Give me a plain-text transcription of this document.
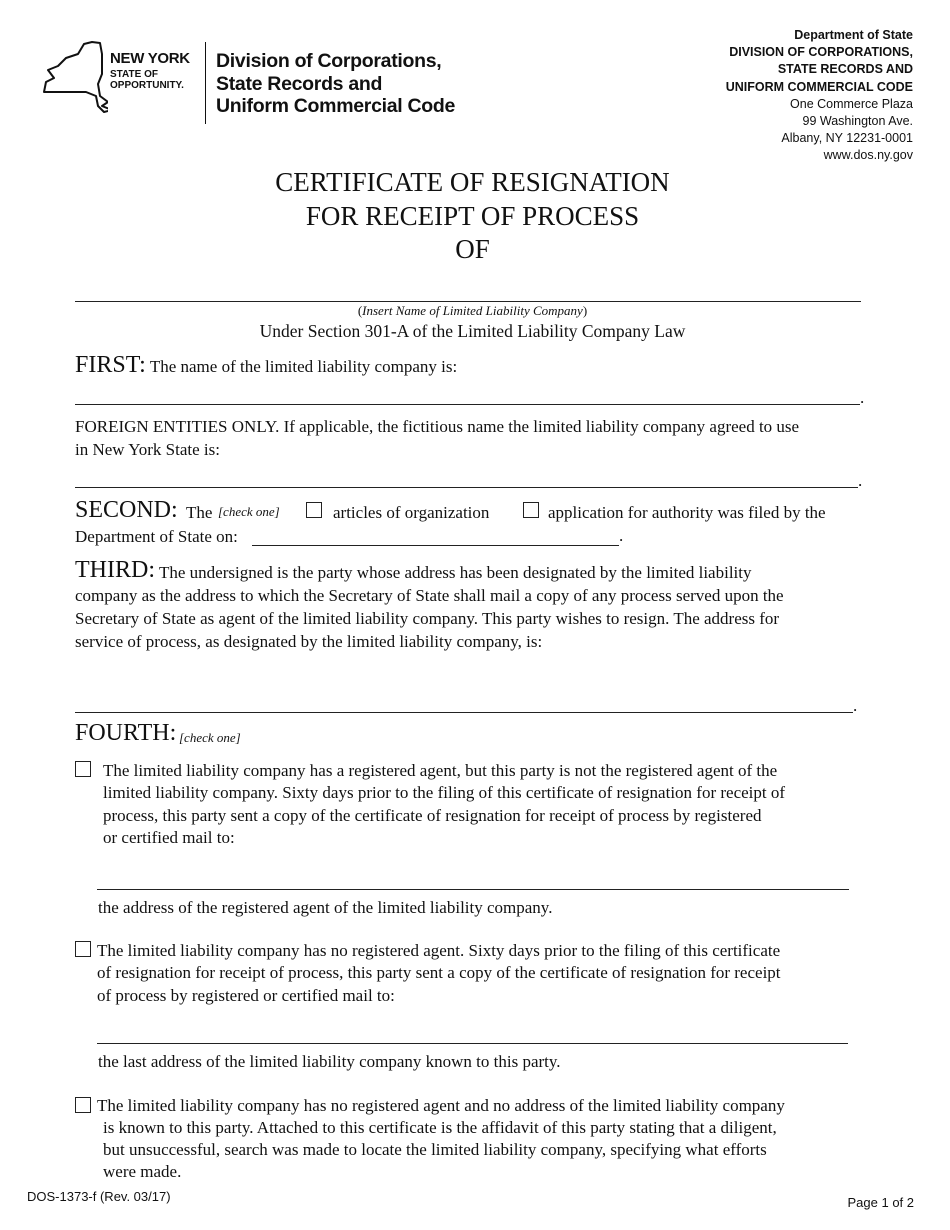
NEW YORK
STATE OF
OPPORTUNITY.
Division of Corporations,
State Records and
Uniform Commercial Code
Department of State
DIVISION OF CORPORATIONS,
STATE RECORDS AND
UNIFORM COMMERCIAL CODE
One Commerce Plaza
99 Washington Ave.
Albany, NY 12231-0001
www.dos.ny.gov
CERTIFICATE OF RESIGNATION
FOR RECEIPT OF PROCESS
OF
(Insert Name of Limited Liability Company)
Under Section 301-A of the Limited Liability Company Law
FIRST: The name of the limited liability company is:
.
FOREIGN ENTITIES ONLY. If applicable, the fictitious name the limited liability company agreed to use
in New York State is:
.
SECOND: The [check one]	articles of organization	application for authority was filed by the
Department of State on:	.
THIRD: The undersigned is the party whose address has been designated by the limited liability
company as the address to which the Secretary of State shall mail a copy of any process served upon the
Secretary of State as agent of the limited liability company. This party wishes to resign. The address for
service of process, as designated by the limited liability company, is:
.
FOURTH: [check one]
The limited liability company has a registered agent, but this party is not the registered agent of the
limited liability company. Sixty days prior to the filing of this certificate of resignation for receipt of
process, this party sent a copy of the certificate of resignation for receipt of process by registered
or certified mail to:
the address of the registered agent of the limited liability company.
The limited liability company has no registered agent. Sixty days prior to the filing of this certificate
of resignation for receipt of process, this party sent a copy of the certificate of resignation for receipt
of process by registered or certified mail to:
the last address of the limited liability company known to this party.
The limited liability company has no registered agent and no address of the limited liability company
is known to this party. Attached to this certificate is the affidavit of this party stating that a diligent,
but unsuccessful, search was made to locate the limited liability company, specifying what efforts
were made.
DOS-1373-f (Rev. 03/17)	Page 1 of 2
